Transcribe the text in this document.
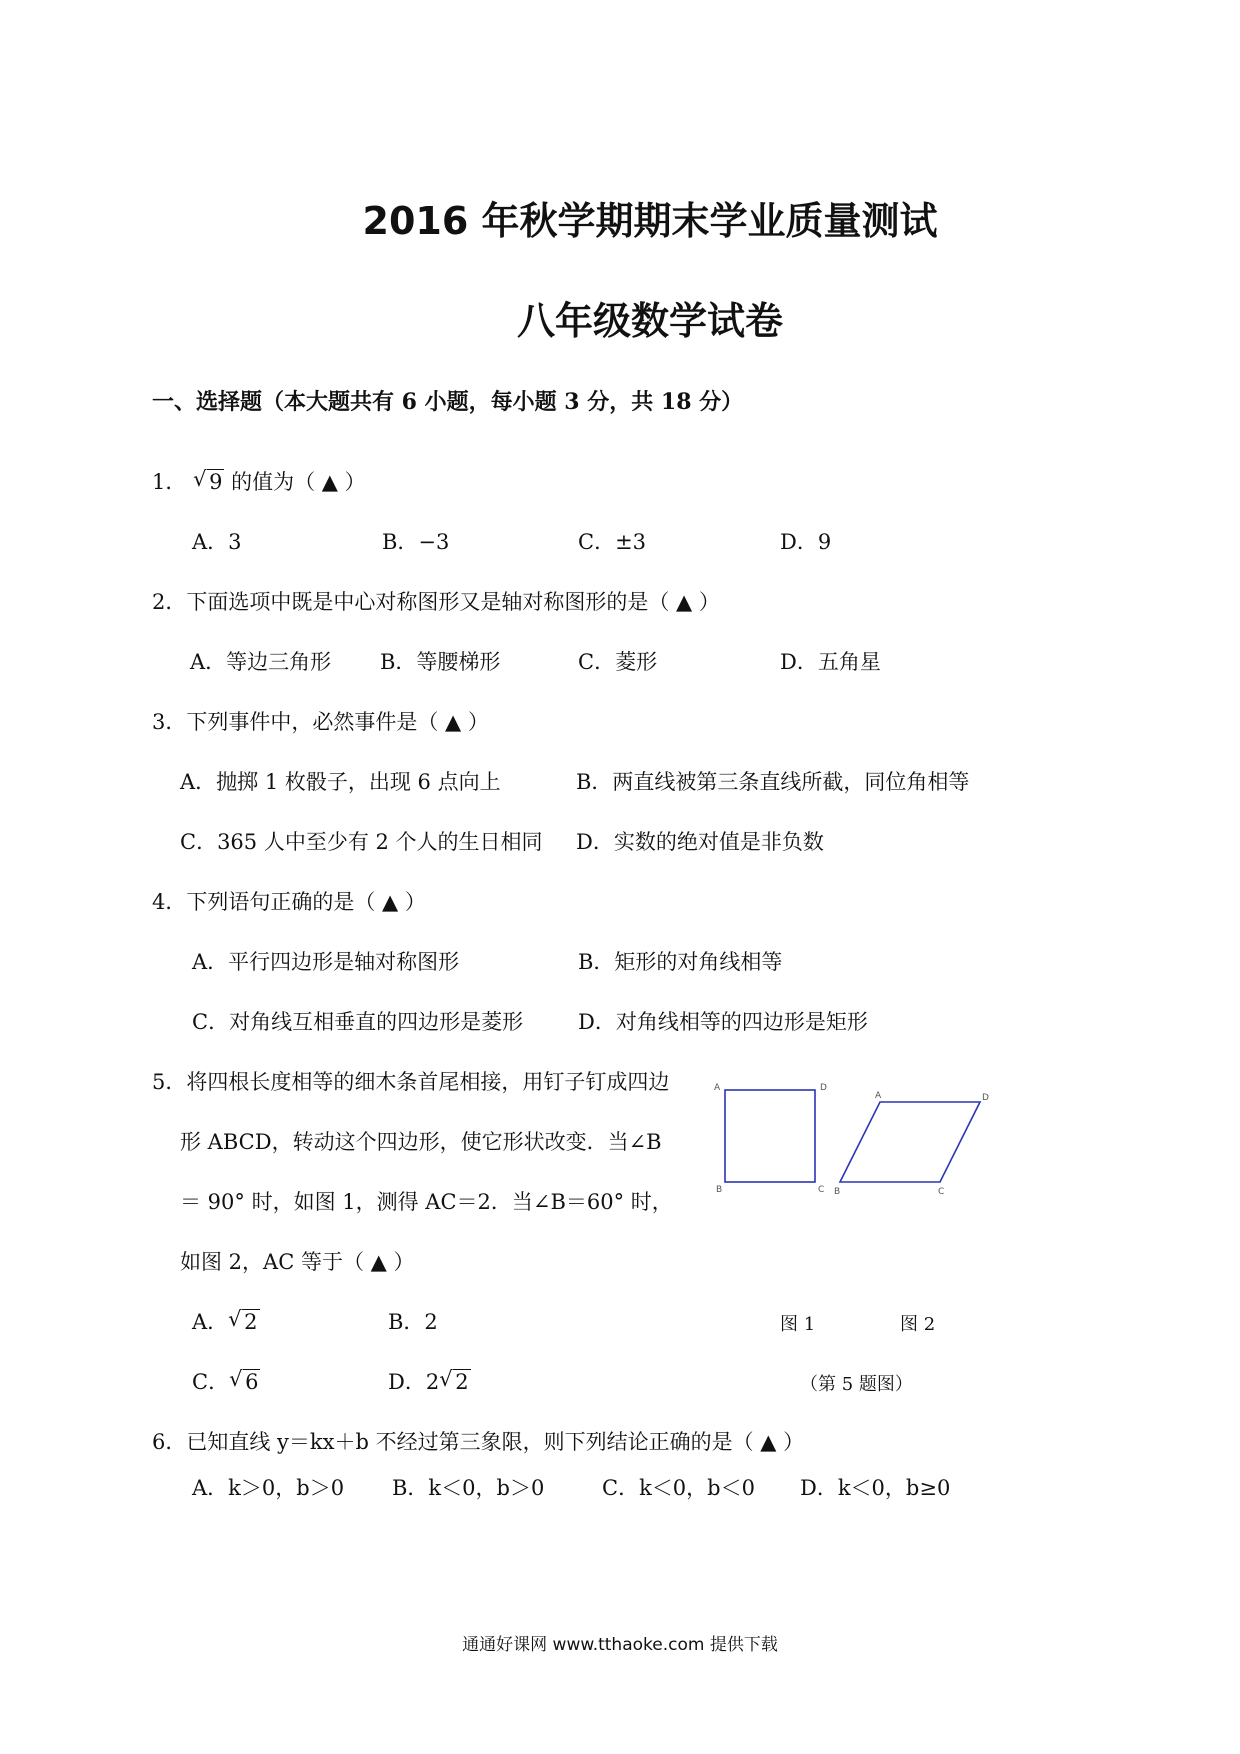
2016 年秋学期期末学业质量测试
八年级数学试卷
一、选择题（本大题共有 6 小题，每小题 3 分，共 18 分）
1． √ 9 的值为（ ▲ ）
A．3	B．−3	C．±3	D．9
2．下面选项中既是中心对称图形又是轴对称图形的是（ ▲ ）
A．等边三角形 B．等腰梯形	C．菱形	D．五角星
3．下列事件中，必然事件是（ ▲ ）
A．抛掷 1 枚骰子，出现 6 点向上	B．两直线被第三条直线所截，同位角相等
C．365 人中至少有 2 个人的生日相同 D．实数的绝对值是非负数
4．下列语句正确的是（ ▲ ）
A．平行四边形是轴对称图形	B．矩形的对角线相等
C．对角线互相垂直的四边形是菱形	D．对角线相等的四边形是矩形
5．将四根长度相等的细木条首尾相接，用钉子钉成四边
形 ABCD，转动这个四边形，使它形状改变．当∠B
＝ 90° 时，如图 1，测得 AC＝2．当∠B＝60° 时，
如图 2，AC 等于（ ▲ ）
A． √ 2	B．2
C． √ 6	D．2 √ 2
A	D
B	C
A	D
B	C
图 1	图 2
（第 5 题图）
6．已知直线 y＝kx＋b 不经过第三象限，则下列结论正确的是（ ▲ ）
A．k＞0，b＞0 B．k＜0，b＞0	C．k＜0，b＜0 D．k＜0，b≥0
通通好课网 www.tthaoke.com 提供下载
